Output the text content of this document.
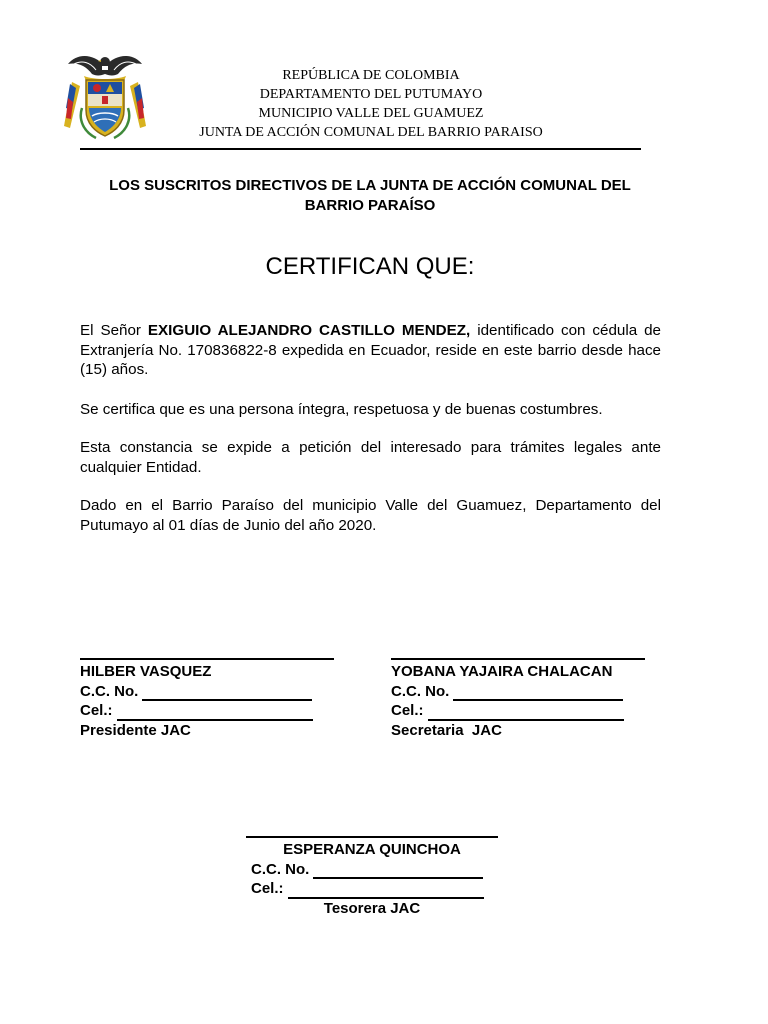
REPÚBLICA DE COLOMBIA
DEPARTAMENTO DEL PUTUMAYO
MUNICIPIO VALLE DEL GUAMUEZ
JUNTA DE ACCIÓN COMUNAL DEL BARRIO PARAISO
LOS SUSCRITOS DIRECTIVOS DE LA JUNTA DE ACCIÓN COMUNAL DEL
BARRIO PARAÍSO
CERTIFICAN QUE:

El Señor EXIGUIO ALEJANDRO CASTILLO MENDEZ, identificado con cédula de Extranjería No. 170836822-8 expedida en Ecuador, reside en este barrio desde hace (15) años.

Se certifica que es una persona íntegra, respetuosa y de buenas costumbres.

Esta constancia se expide a petición del interesado para trámites legales ante cualquier Entidad.

Dado en el Barrio Paraíso del municipio Valle del Guamuez, Departamento del Putumayo al 01 días de Junio del año 2020.

HILBER VASQUEZ
C.C. No.
Cel.:
Presidente JAC
YOBANA YAJAIRA CHALACAN
C.C. No.
Cel.:
Secretaria  JAC
ESPERANZA QUINCHOA
C.C. No.
Cel.:
Tesorera JAC
